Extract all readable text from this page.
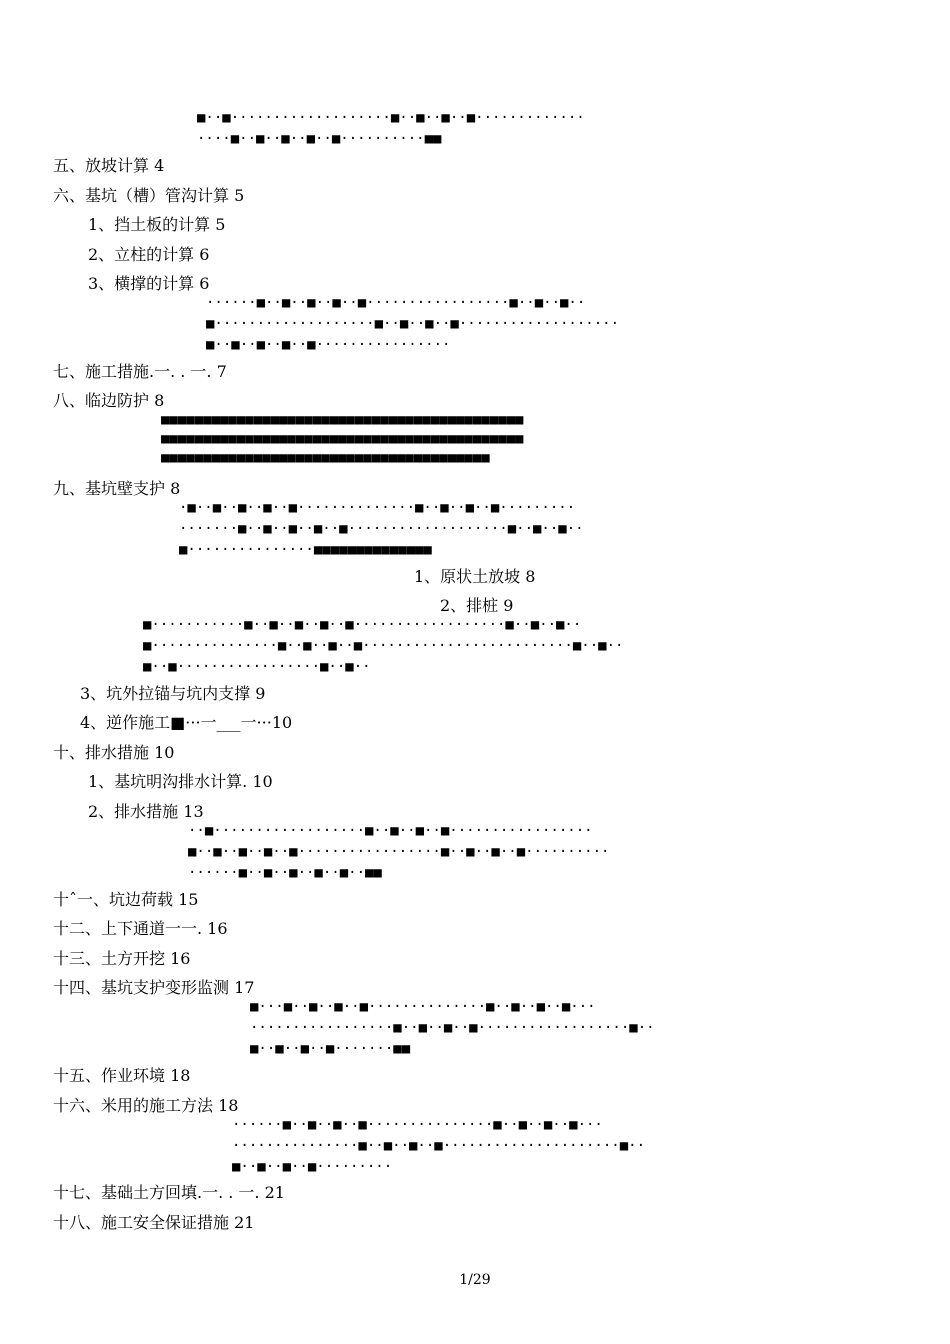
■··■···················■··■··■··■·············
····■··■··■··■··■··········■■
五、放坡计算 4
六、基坑（槽）管沟计算 5
1、挡土板的计算 5
2、立柱的计算 6
3、横撑的计算 6
······■··■··■··■··■·················■··■··■··
■···················■··■··■··■···················
■··■··■··■··■················
七、施工措施.一. . 一. 7
八、临边防护 8
■■■■■■■■■■■■■■■■■■■■■■■■■■■■■■■■■■■■■■■■■■■
■■■■■■■■■■■■■■■■■■■■■■■■■■■■■■■■■■■■■■■■■■■
■■■■■■■■■■■■■■■■■■■■■■■■■■■■■■■■■■■■■■■
九、基坑壁支护 8
·■··■··■··■··■··············■··■··■··■·········
·······■··■··■··■··■···················■··■··■··
■···············■■■■■■■■■■■■■■
1、原状土放坡 8
2、排桩 9
■···········■··■··■··■··■··················■··■··■··
■···············■··■··■··■·························■··■··
■··■·················■··■··
3、坑外拉锚与坑内支撑 9
4、逆作施工■···一___一···10
十、排水措施 10
1、基坑明沟排水计算. 10
2、排水措施 13
··■··················■··■··■··■·················
■··■··■··■··■·················■··■··■··■··········
······■··■··■··■··■··■■
十ˆ一、坑边荷载 15
十二、上下通道一一. 16
十三、土方开挖 16
十四、基坑支护变形监测 17
■···■··■··■··■··············■··■··■··■···
·················■··■··■··■··················■··
■··■··■··■·······■■
十五、作业环境 18
十六、米用的施工方法 18
······■··■··■··■···············■··■··■··■···
···············■··■··■··■·····················■··
■··■··■··■·········
十七、基础土方回填.一. . 一. 21
十八、施工安全保证措施 21
1/29
